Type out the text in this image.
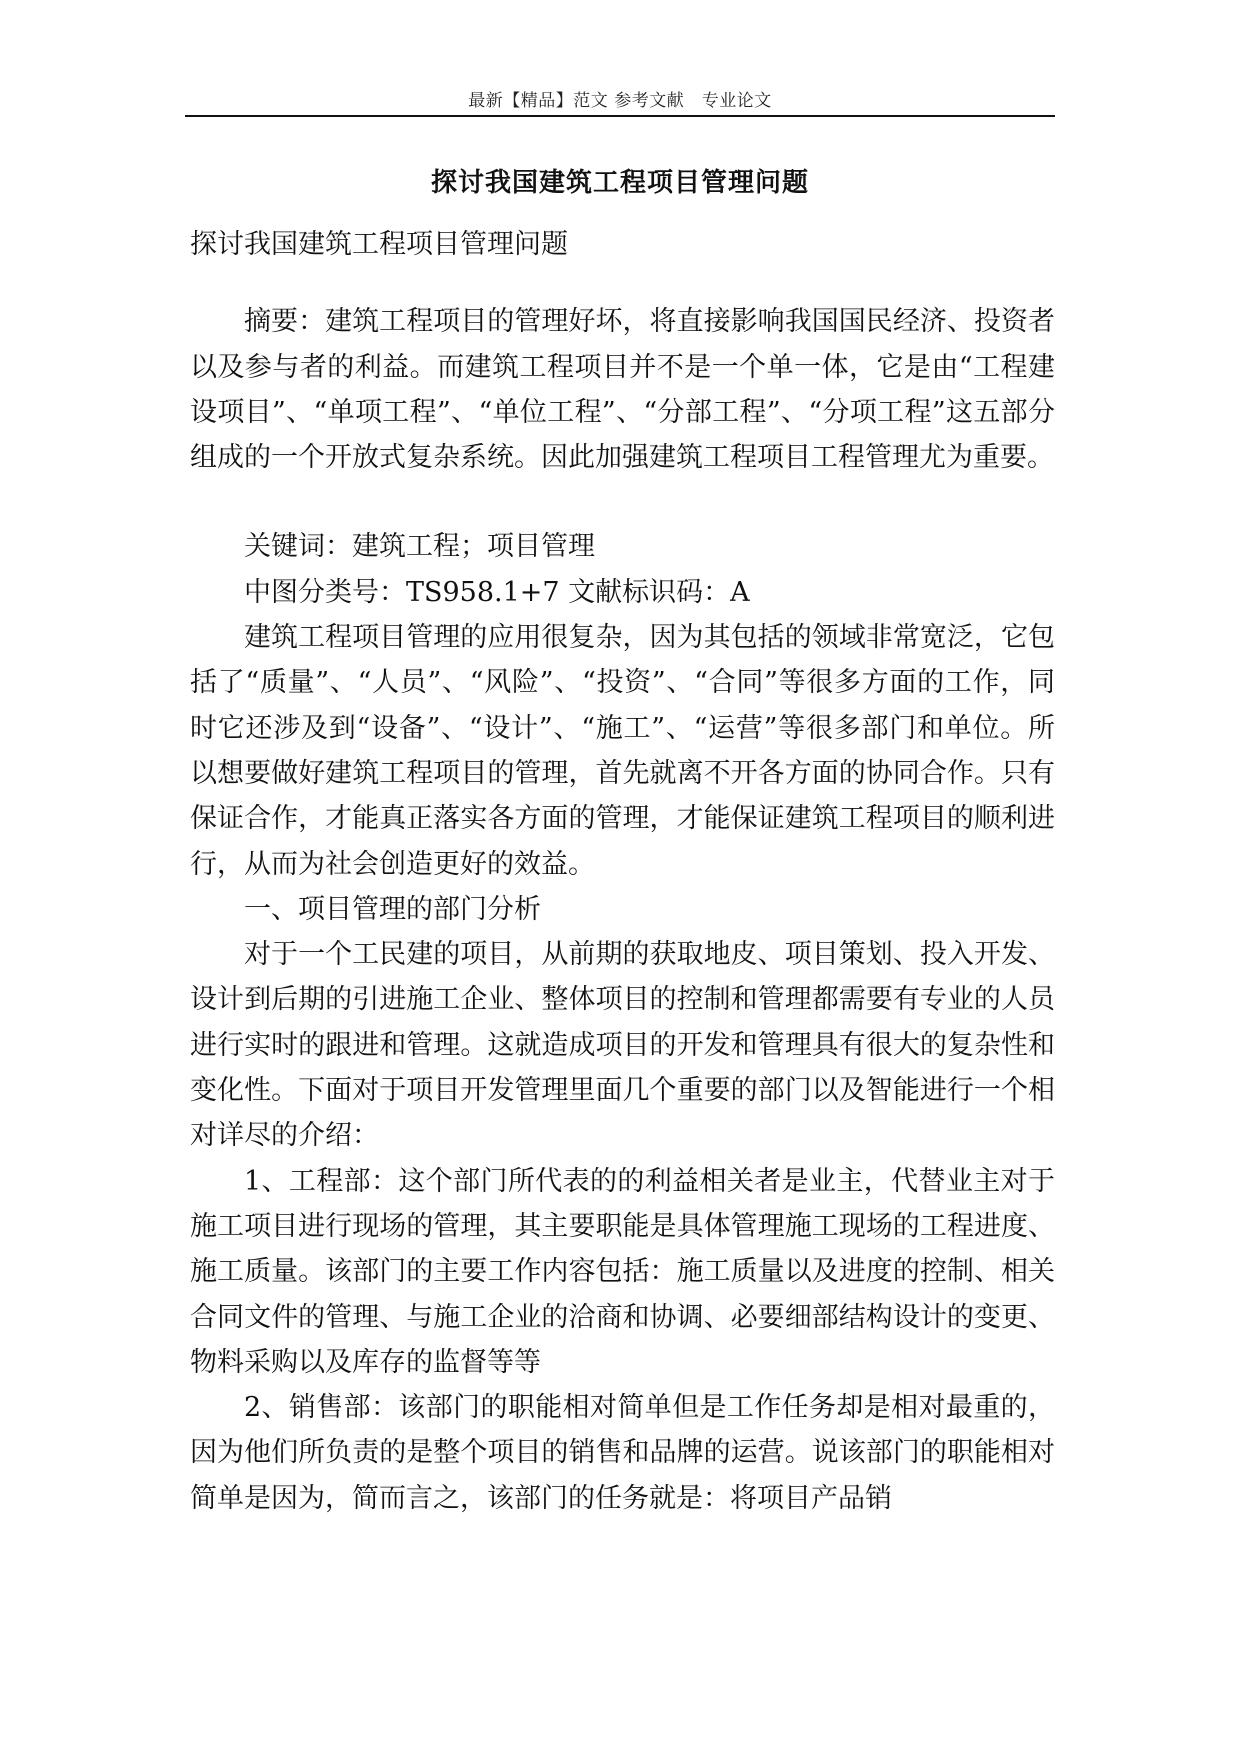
最新【精品】范文 参考文献　专业论文
探讨我国建筑工程项目管理问题

探讨我国建筑工程项目管理问题

摘要：建筑工程项目的管理好坏，将直接影响我国国民经济、投资者以及参与者的利益。而建筑工程项目并不是一个单一体，它是由“工程建设项目”、“单项工程”、“单位工程”、“分部工程”、“分项工程”这五部分组成的一个开放式复杂系统。因此加强建筑工程项目工程管理尤为重要。

关键词：建筑工程；项目管理

中图分类号：TS958.1+7 文献标识码：A

建筑工程项目管理的应用很复杂，因为其包括的领域非常宽泛，它包括了“质量”、“人员”、“风险”、“投资”、“合同”等很多方面的工作，同时它还涉及到“设备”、“设计”、“施工”、“运营”等很多部门和单位。所以想要做好建筑工程项目的管理，首先就离不开各方面的协同合作。只有保证合作，才能真正落实各方面的管理，才能保证建筑工程项目的顺利进行，从而为社会创造更好的效益。

一、项目管理的部门分析

对于一个工民建的项目，从前期的获取地皮、项目策划、投入开发、设计到后期的引进施工企业、整体项目的控制和管理都需要有专业的人员进行实时的跟进和管理。这就造成项目的开发和管理具有很大的复杂性和变化性。下面对于项目开发管理里面几个重要的部门以及智能进行一个相对详尽的介绍：

1、工程部：这个部门所代表的的利益相关者是业主，代替业主对于施工项目进行现场的管理，其主要职能是具体管理施工现场的工程进度、施工质量。该部门的主要工作内容包括：施工质量以及进度的控制、相关合同文件的管理、与施工企业的洽商和协调、必要细部结构设计的变更、物料采购以及库存的监督等等

2、销售部：该部门的职能相对简单但是工作任务却是相对最重的，因为他们所负责的是整个项目的销售和品牌的运营。说该部门的职能相对简单是因为，简而言之，该部门的任务就是：将项目产品销
